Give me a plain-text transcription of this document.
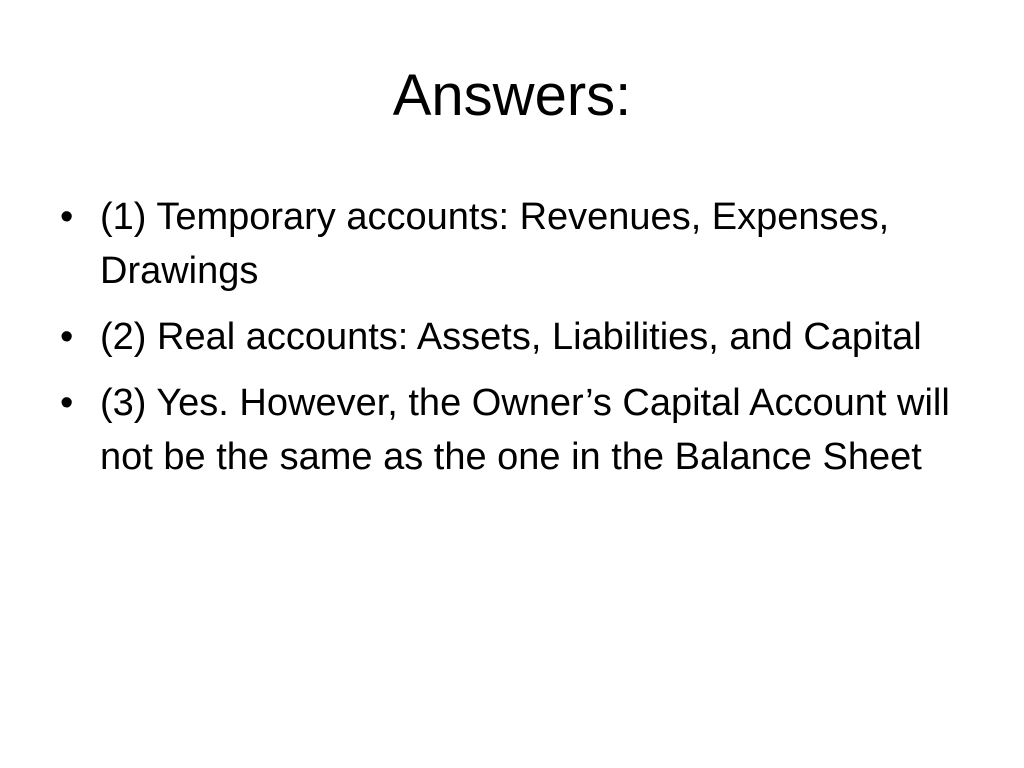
Answers:
• (1) Temporary accounts: Revenues, Expenses, Drawings
• (2) Real accounts: Assets, Liabilities, and Capital
• (3) Yes. However, the Owner’s Capital Account will not be the same as the one in the Balance Sheet
